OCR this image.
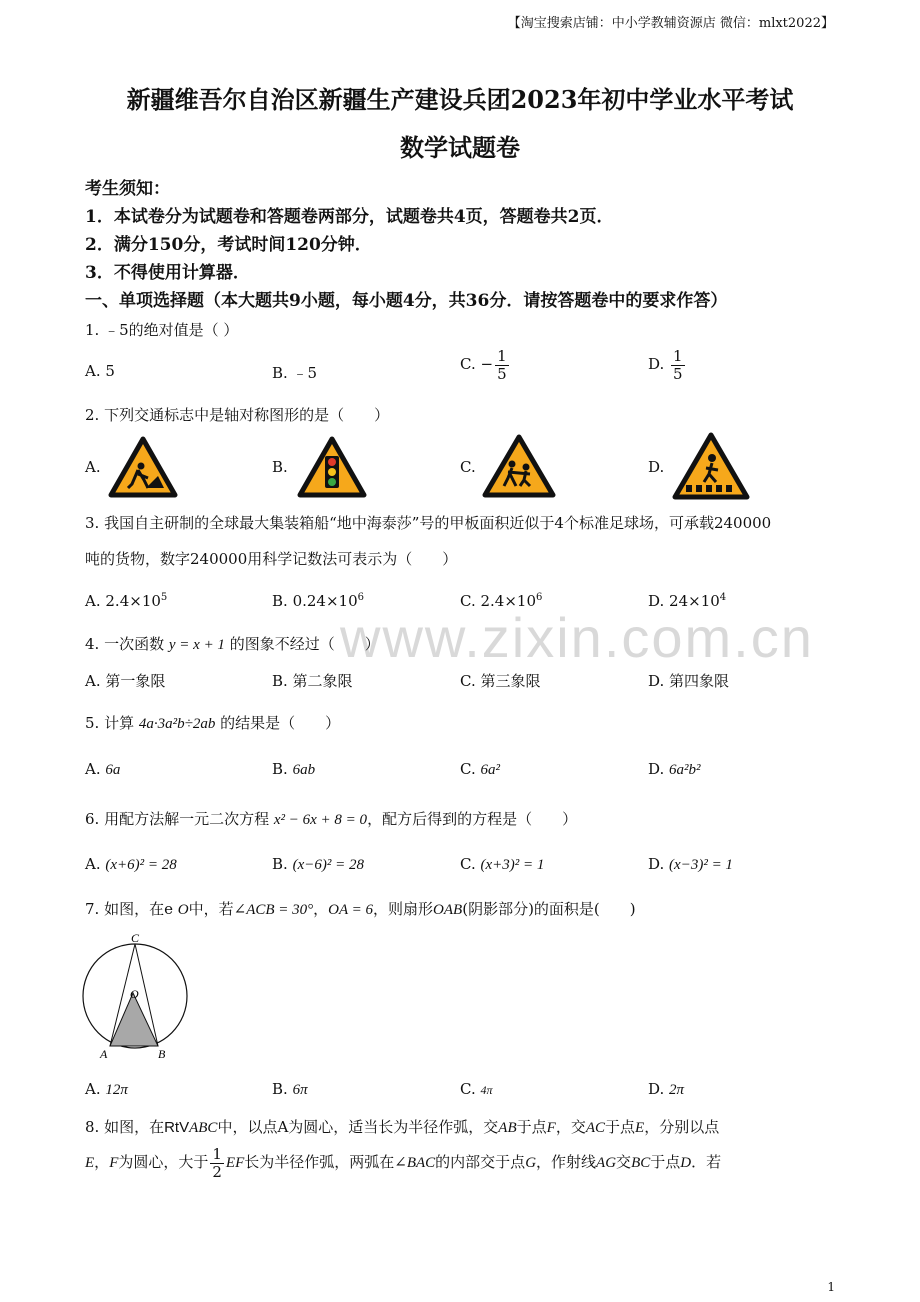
【淘宝搜索店铺：中小学教辅资源店 微信：mlxt2022】
新疆维吾尔自治区新疆生产建设兵团2023年初中学业水平考试
数学试题卷
考生须知：
1．本试卷分为试题卷和答题卷两部分，试题卷共4页，答题卷共2页．
2．满分150分，考试时间120分钟．
3．不得使用计算器．
一、单项选择题（本大题共9小题，每小题4分，共36分．请按答题卷中的要求作答）
1. ﹣5的绝对值是（ ）
A. 5	B. ﹣5	C. − $\frac{1}{5}$	D. $\frac{1}{5}$
2. 下列交通标志中是轴对称图形的是（　　）
A.	B.	C.	D.
3. 我国自主研制的全球最大集装箱船“地中海泰莎”号的甲板面积近似于4个标准足球场，可承载240000
吨的货物，数字240000用科学记数法可表示为（　　）
A. $2.4\times 10^5$	B. $0.24\times 10^6$	C. $2.4\times 10^6$	D. $24\times 10^4$
www.zixin.com.cn
4. 一次函数 y = x + 1 的图象不经过（　　）
A. 第一象限	B. 第二象限	C. 第三象限	D. 第四象限
5. 计算 4a·3a²b÷2ab 的结果是（　　）
A. 6a	B. 6ab	C. 6a²	D. 6a²b²
6. 用配方法解一元二次方程 x² − 6x + 8 = 0，配方后得到的方程是（　　）
A. (x+6)² = 28	B. (x−6)² = 28	C. (x+3)² = 1	D. (x−3)² = 1
7. 如图，在e O中，若∠ACB = 30°，OA = 6，则扇形OAB(阴影部分)的面积是(　　)
C
O
A	B
A. 12π	B. 6π	C. 4π	D. 2π
8. 如图，在RtVABC中，以点A为圆心，适当长为半径作弧，交AB于点F，交AC于点E，分别以点
E，F为圆心，大于 $\frac{1}{2}$ EF长为半径作弧，两弧在∠BAC的内部交于点G，作射线AG交BC于点D．若
1
